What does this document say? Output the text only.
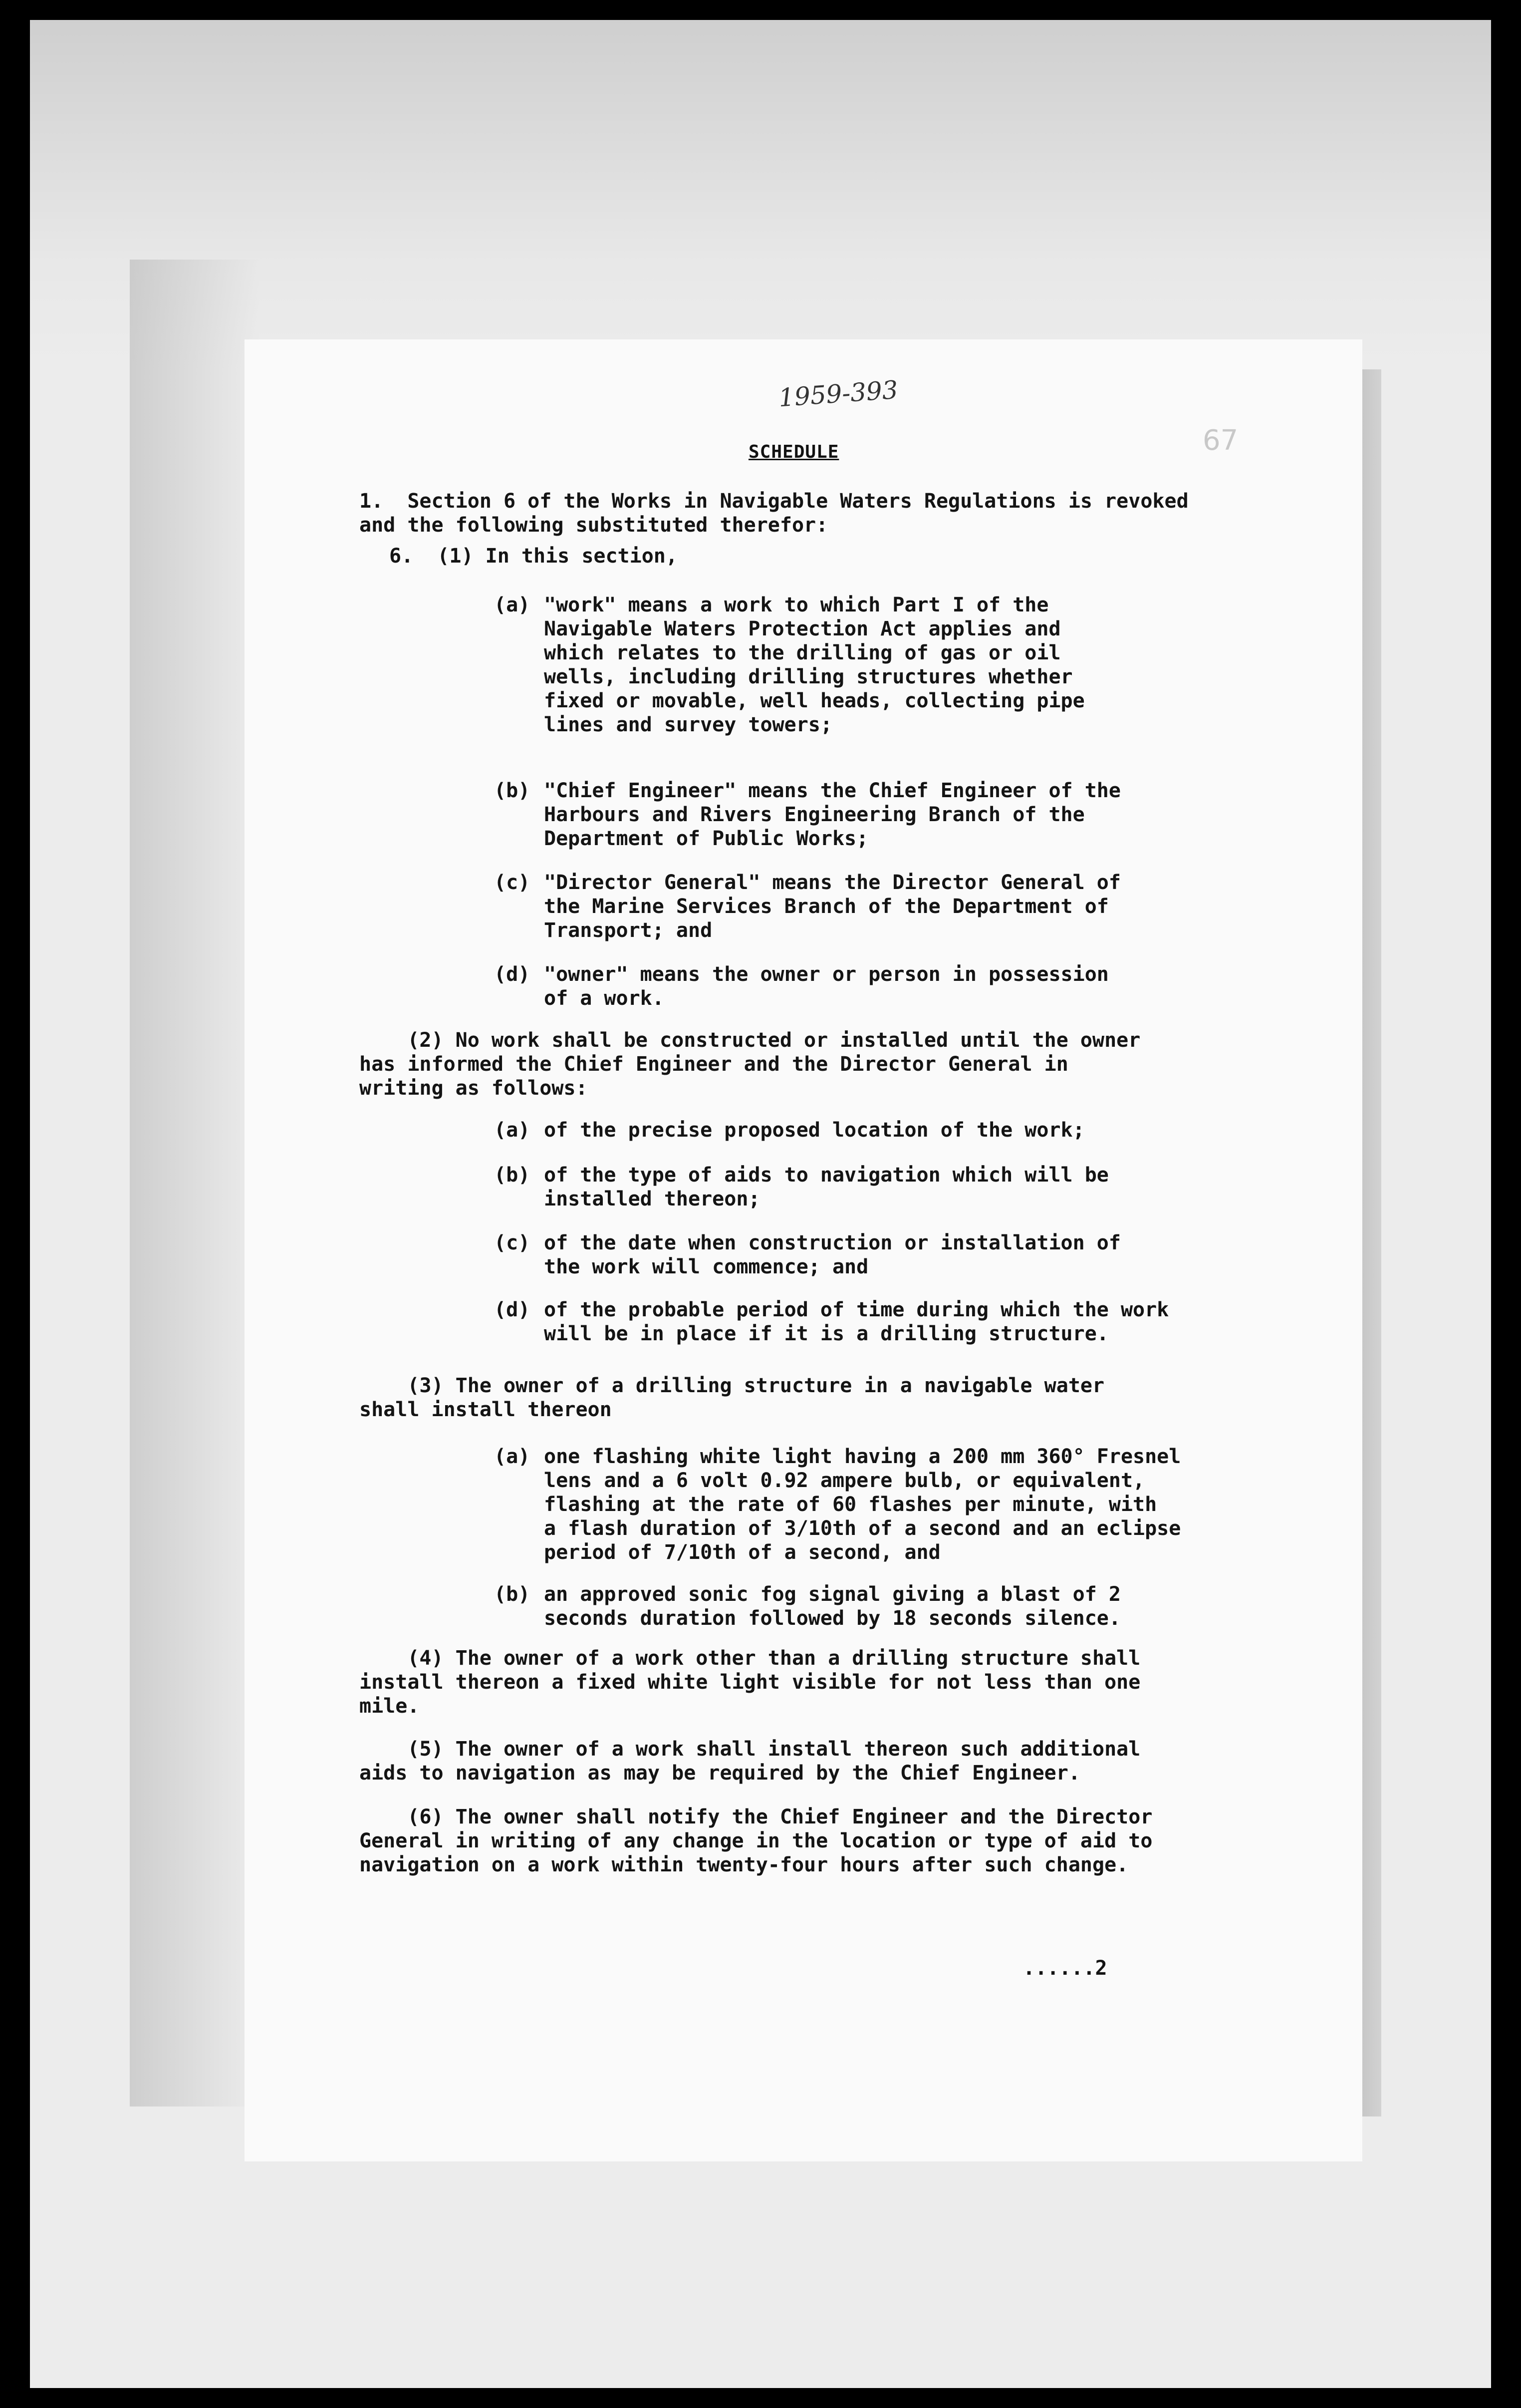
1959-393
67
SCHEDULE

1.  Section 6 of the Works in Navigable Waters Regulations is revoked
and the following substituted therefor:

6.  (1) In this section,

(a) "work" means a work to which Part I of the
Navigable Waters Protection Act applies and
which relates to the drilling of gas or oil
wells, including drilling structures whether
fixed or movable, well heads, collecting pipe
lines and survey towers;

(b) "Chief Engineer" means the Chief Engineer of the
Harbours and Rivers Engineering Branch of the
Department of Public Works;

(c) "Director General" means the Director General of
the Marine Services Branch of the Department of
Transport; and

(d) "owner" means the owner or person in possession
of a work.

(2) No work shall be constructed or installed until the owner
has informed the Chief Engineer and the Director General in
writing as follows:

(a) of the precise proposed location of the work;

(b) of the type of aids to navigation which will be
installed thereon;

(c) of the date when construction or installation of
the work will commence; and

(d) of the probable period of time during which the work
will be in place if it is a drilling structure.

(3) The owner of a drilling structure in a navigable water
shall install thereon

(a) one flashing white light having a 200 mm 360° Fresnel
lens and a 6 volt 0.92 ampere bulb, or equivalent,
flashing at the rate of 60 flashes per minute, with
a flash duration of 3/10th of a second and an eclipse
period of 7/10th of a second, and

(b) an approved sonic fog signal giving a blast of 2
seconds duration followed by 18 seconds silence.

(4) The owner of a work other than a drilling structure shall
install thereon a fixed white light visible for not less than one
mile.

(5) The owner of a work shall install thereon such additional
aids to navigation as may be required by the Chief Engineer.

(6) The owner shall notify the Chief Engineer and the Director
General in writing of any change in the location or type of aid to
navigation on a work within twenty-four hours after such change.

......2
